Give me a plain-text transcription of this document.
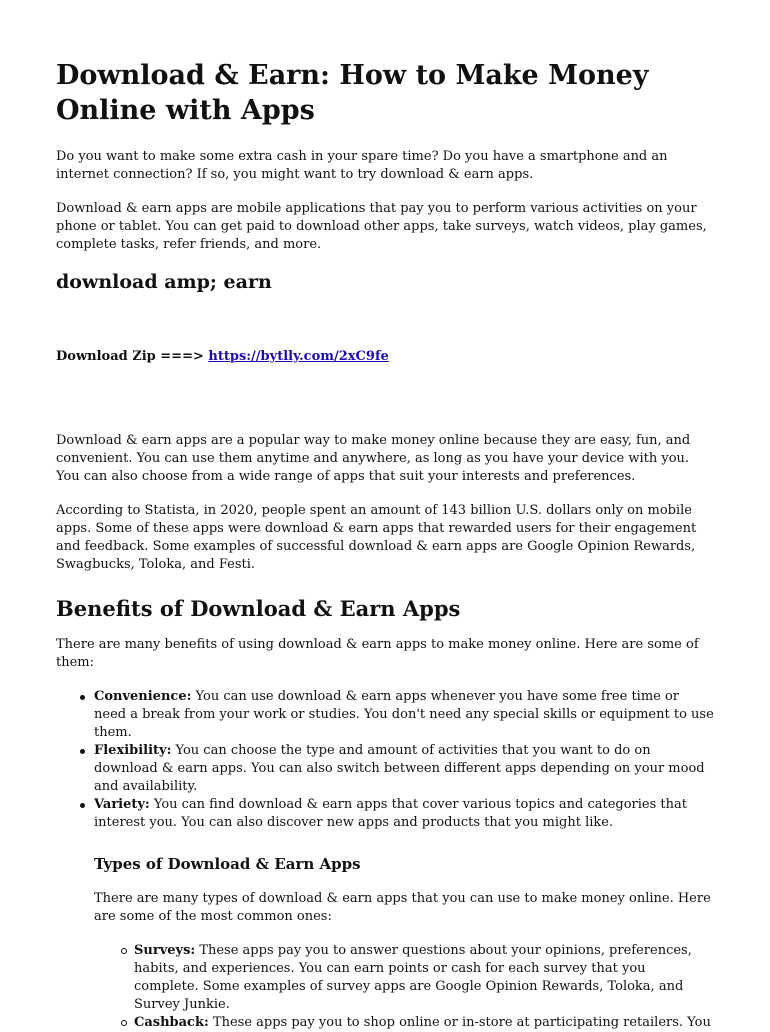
Download & Earn: How to Make Money Online with Apps

Do you want to make some extra cash in your spare time? Do you have a smartphone and an internet connection? If so, you might want to try download & earn apps.

Download & earn apps are mobile applications that pay you to perform various activities on your phone or tablet. You can get paid to download other apps, take surveys, watch videos, play games, complete tasks, refer friends, and more.

download amp; earn
Download Zip ===> https://bytlly.com/2xC9fe

Download & earn apps are a popular way to make money online because they are easy, fun, and convenient. You can use them anytime and anywhere, as long as you have your device with you. You can also choose from a wide range of apps that suit your interests and preferences.

According to Statista, in 2020, people spent an amount of 143 billion U.S. dollars only on mobile apps. Some of these apps were download & earn apps that rewarded users for their engagement and feedback. Some examples of successful download & earn apps are Google Opinion Rewards, Swagbucks, Toloka, and Festi.

Benefits of Download & Earn Apps

There are many benefits of using download & earn apps to make money online. Here are some of them:

Convenience: You can use download & earn apps whenever you have some free time or need a break from your work or studies. You don't need any special skills or equipment to use them.
Flexibility: You can choose the type and amount of activities that you want to do on download & earn apps. You can also switch between different apps depending on your mood and availability.
Variety: You can find download & earn apps that cover various topics and categories that interest you. You can also discover new apps and products that you might like.
Types of Download & Earn Apps

There are many types of download & earn apps that you can use to make money online. Here are some of the most common ones:

Surveys: These apps pay you to answer questions about your opinions, preferences, habits, and experiences. You can earn points or cash for each survey that you complete. Some examples of survey apps are Google Opinion Rewards, Toloka, and Survey Junkie.
Cashback: These apps pay you to shop online or in-store at participating retailers. You
